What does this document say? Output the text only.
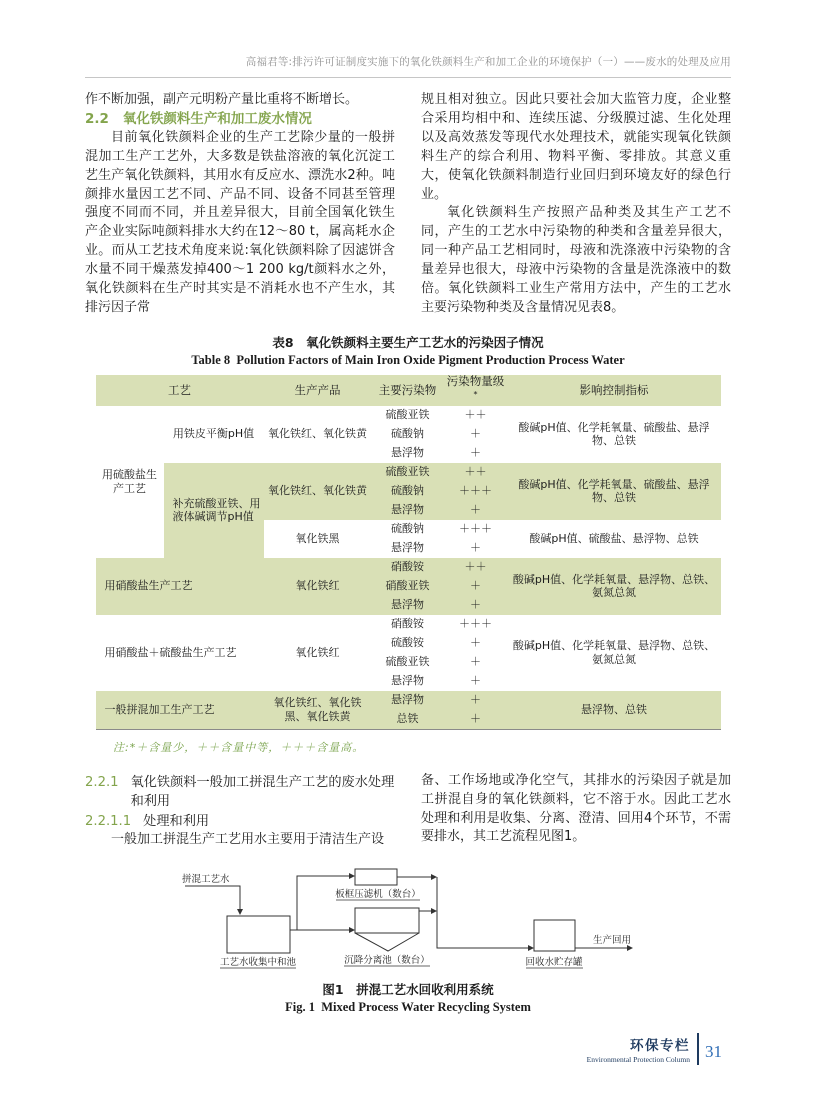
高福君等:排污许可证制度实施下的氧化铁颜料生产和加工企业的环境保护（一）——废水的处理及应用

作不断加强，副产元明粉产量比重将不断增长。

2.2 氧化铁颜料生产和加工废水情况

目前氧化铁颜料企业的生产工艺除少量的一般拼混加工生产工艺外，大多数是铁盐溶液的氧化沉淀工艺生产氧化铁颜料，其用水有反应水、漂洗水2种。吨颜排水量因工艺不同、产品不同、设备不同甚至管理强度不同而不同，并且差异很大，目前全国氧化铁生产企业实际吨颜料排水大约在12～80 t，属高耗水企业。而从工艺技术角度来说:氧化铁颜料除了因滤饼含水量不同干燥蒸发掉400～1 200 kg/t颜料水之外，氧化铁颜料在生产时其实是不消耗水也不产生水，其排污因子常

规且相对独立。因此只要社会加大监管力度，企业整合采用均相中和、连续压滤、分级膜过滤、生化处理以及高效蒸发等现代水处理技术，就能实现氧化铁颜料生产的综合利用、物料平衡、零排放。其意义重大，使氧化铁颜料制造行业回归到环境友好的绿色行业。

氧化铁颜料生产按照产品种类及其生产工艺不同，产生的工艺水中污染物的种类和含量差异很大，同一种产品工艺相同时，母液和洗涤液中污染物的含量差异也很大，母液中污染物的含量是洗涤液中的数倍。氧化铁颜料工业生产常用方法中，产生的工艺水主要污染物种类及含量情况见表8。

表8　氧化铁颜料主要生产工艺水的污染因子情况
Table 8  Pollution Factors of Main Iron Oxide Pigment Production Process Water
工艺		生产产品	主要污染物	污染物量级*	影响控制指标
用硫酸盐生产工艺	用铁皮平衡pH值	氧化铁红、氧化铁黄	硫酸亚铁	＋＋	酸碱pH值、化学耗氧量、硫酸盐、悬浮物、总铁
			硫酸钠	＋	
			悬浮物	＋	
	补充硫酸亚铁、用液体碱调节pH值	氧化铁红、氧化铁黄	硫酸亚铁	＋＋	酸碱pH值、化学耗氧量、硫酸盐、悬浮物、总铁
			硫酸钠	＋＋＋	
			悬浮物	＋	
		氧化铁黑	硫酸钠	＋＋＋	酸碱pH值、硫酸盐、悬浮物、总铁
			悬浮物	＋	
用硝酸盐生产工艺		氧化铁红	硝酸铵	＋＋	酸碱pH值、化学耗氧量、悬浮物、总铁、氨氮总氮
			硝酸亚铁	＋	
			悬浮物	＋	
用硝酸盐＋硫酸盐生产工艺		氧化铁红	硝酸铵	＋＋＋	酸碱pH值、化学耗氧量、悬浮物、总铁、氨氮总氮
			硫酸铵	＋	
			硫酸亚铁	＋	
			悬浮物	＋	
一般拼混加工生产工艺		氧化铁红、氧化铁黑、氧化铁黄	悬浮物	＋	悬浮物、总铁
			总铁	＋	
注:*＋含量少，＋＋含量中等，＋＋＋含量高。
2.2.1 氧化铁颜料一般加工拼混生产工艺的废水处理和利用
2.2.1.1 处理和利用

一般加工拼混生产工艺用水主要用于清洁生产设

备、工作场地或净化空气，其排水的污染因子就是加工拼混自身的氧化铁颜料，它不溶于水。因此工艺水处理和利用是收集、分离、澄清、回用4个环节，不需要排水，其工艺流程见图1。

拼混工艺水
工艺水收集中和池
板框压滤机（数台）
沉降分离池（数台）	回收水贮存罐
生产回用
图1　拼混工艺水回收利用系统
Fig. 1  Mixed Process Water Recycling System
环保专栏
Environmental Protection Column 31
